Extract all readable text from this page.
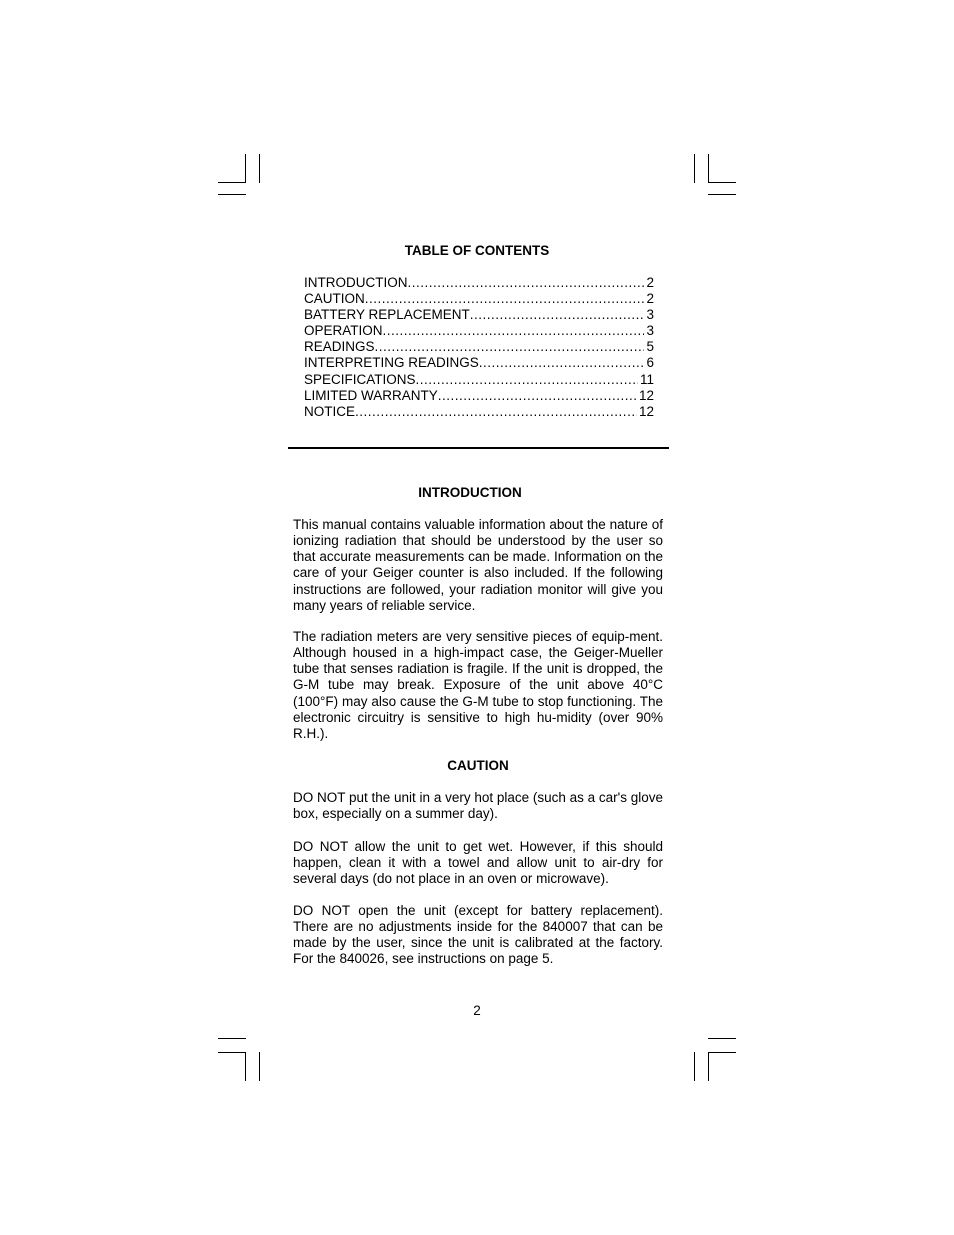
TABLE OF CONTENTS
INTRODUCTION .....	2
CAUTION .....	2
BATTERY REPLACEMENT .....	3
OPERATION .....	3
READINGS .....	5
INTERPRETING READINGS .....	6
SPECIFICATIONS .....	11
LIMITED WARRANTY .....	12
NOTICE .....	12
INTRODUCTION

This manual contains valuable information about the nature of ionizing radiation that should be understood by the user so that accurate measurements can be made. Information on the care of your Geiger counter is also included. If the following instructions are followed, your radiation monitor will give you many years of reliable service.

The radiation meters are very sensitive pieces of equip-ment. Although housed in a high-impact case, the Geiger-Mueller tube that senses radiation is fragile. If the unit is dropped, the G-M tube may break. Exposure of the unit above 40°C (100°F) may also cause the G-M tube to stop functioning. The electronic circuitry is sensitive to high hu-midity (over 90% R.H.).

CAUTION

DO NOT put the unit in a very hot place (such as a car's glove box, especially on a summer day).

DO NOT allow the unit to get wet. However, if this should happen, clean it with a towel and allow unit to air-dry for several days (do not place in an oven or microwave).

DO NOT open the unit (except for battery replacement). There are no adjustments inside for the 840007 that can be made by the user, since the unit is calibrated at the factory. For the 840026, see instructions on page 5.

2
